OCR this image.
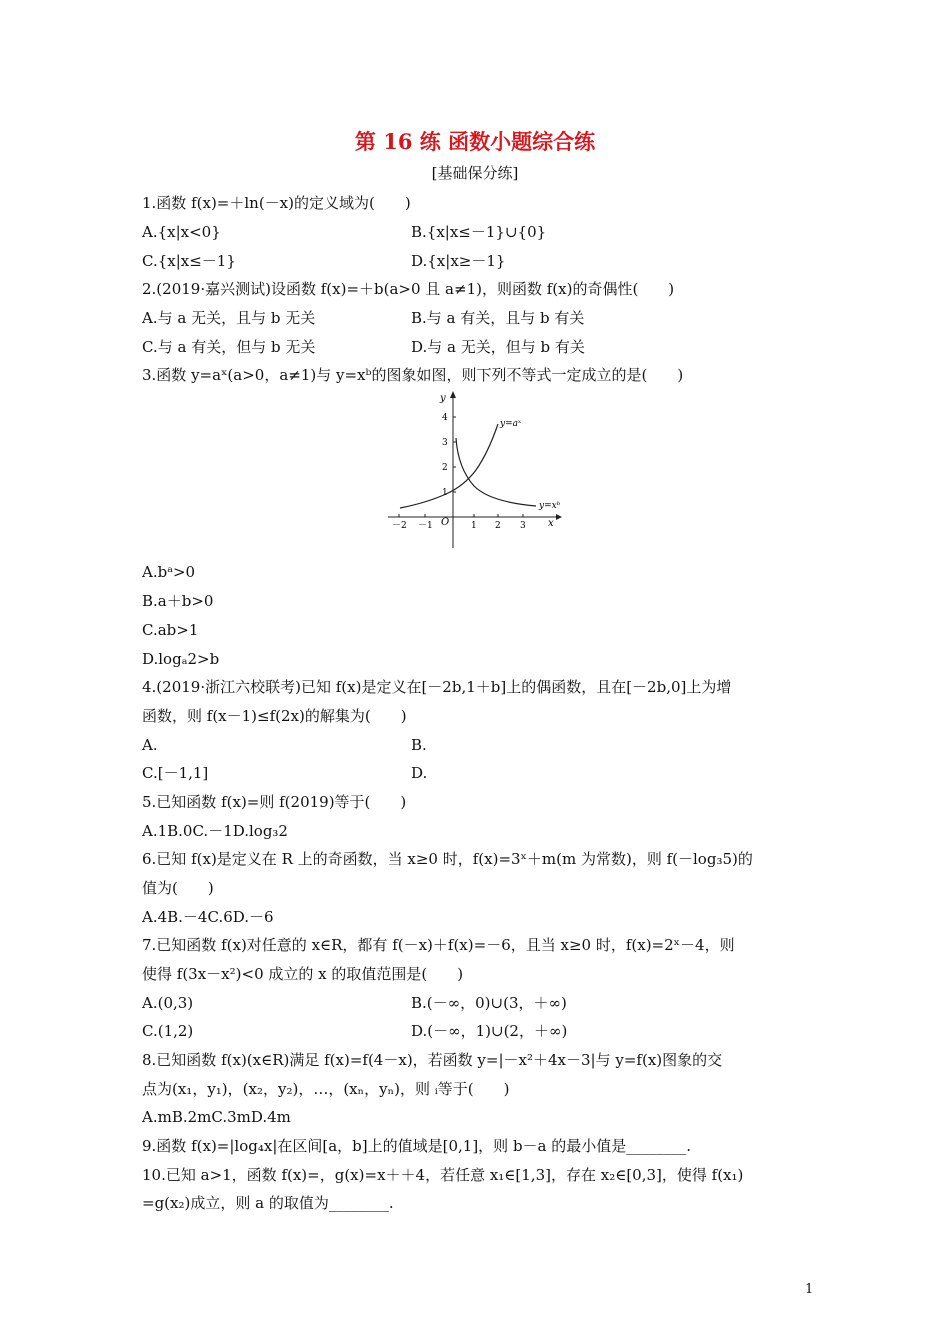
第 16 练 函数小题综合练
[基础保分练]
1.函数 f(x)=＋ln(－x)的定义域为(　　)
A.{x|x<0}
C.{x|x≤－1}
2.(2019·嘉兴测试)设函数 f(x)=＋b(a>0 且 a≠1)，则函数 f(x)的奇偶性(　　)
A.与 a 无关，且与 b 无关
C.与 a 有关，但与 b 无关
3.函数 y=aˣ(a>0，a≠1)与 y=xᵇ的图象如图，则下列不等式一定成立的是(　　)
A.bᵃ>0
B.a＋b>0
C.ab>1
D.logₐ2>b
4.(2019·浙江六校联考)已知 f(x)是定义在[－2b,1＋b]上的偶函数，且在[－2b,0]上为增
函数，则 f(x－1)≤f(2x)的解集为(　　)
A.
C.[－1,1]
5.已知函数 f(x)=则 f(2019)等于(　　)
A.1B.0C.－1D.log₃2
6.已知 f(x)是定义在 R 上的奇函数，当 x≥0 时，f(x)=3ˣ＋m(m 为常数)，则 f(－log₃5)的
值为(　　)
A.4B.－4C.6D.－6
7.已知函数 f(x)对任意的 x∈R，都有 f(－x)＋f(x)=－6，且当 x≥0 时，f(x)=2ˣ－4，则
使得 f(3x－x²)<0 成立的 x 的取值范围是(　　)
A.(0,3)
C.(1,2)
8.已知函数 f(x)(x∈R)满足 f(x)=f(4－x)，若函数 y=|－x²＋4x－3|与 y=f(x)图象的交
点为(x₁，y₁)，(x₂，y₂)，…，(xₙ，yₙ)，则 ᵢ等于(　　)
A.mB.2mC.3mD.4m
9.函数 f(x)=|log₄x|在区间[a，b]上的值域是[0,1]，则 b－a 的最小值是________.
10.已知 a>1，函数 f(x)=，g(x)=x＋＋4，若任意 x₁∈[1,3]，存在 x₂∈[0,3]，使得 f(x₁)
=g(x₂)成立，则 a 的取值为________.
B.{x|x≤－1}∪{0}
D.{x|x≥－1}
B.与 a 有关，且与 b 有关
D.与 a 无关，但与 b 有关
B.
D.
B.(－∞，0)∪(3，＋∞)
D.(－∞，1)∪(2，＋∞)
y
x
O
－2 －1	1 2 3
1
2
3
4
y=aˣ
y=xᵇ
1
